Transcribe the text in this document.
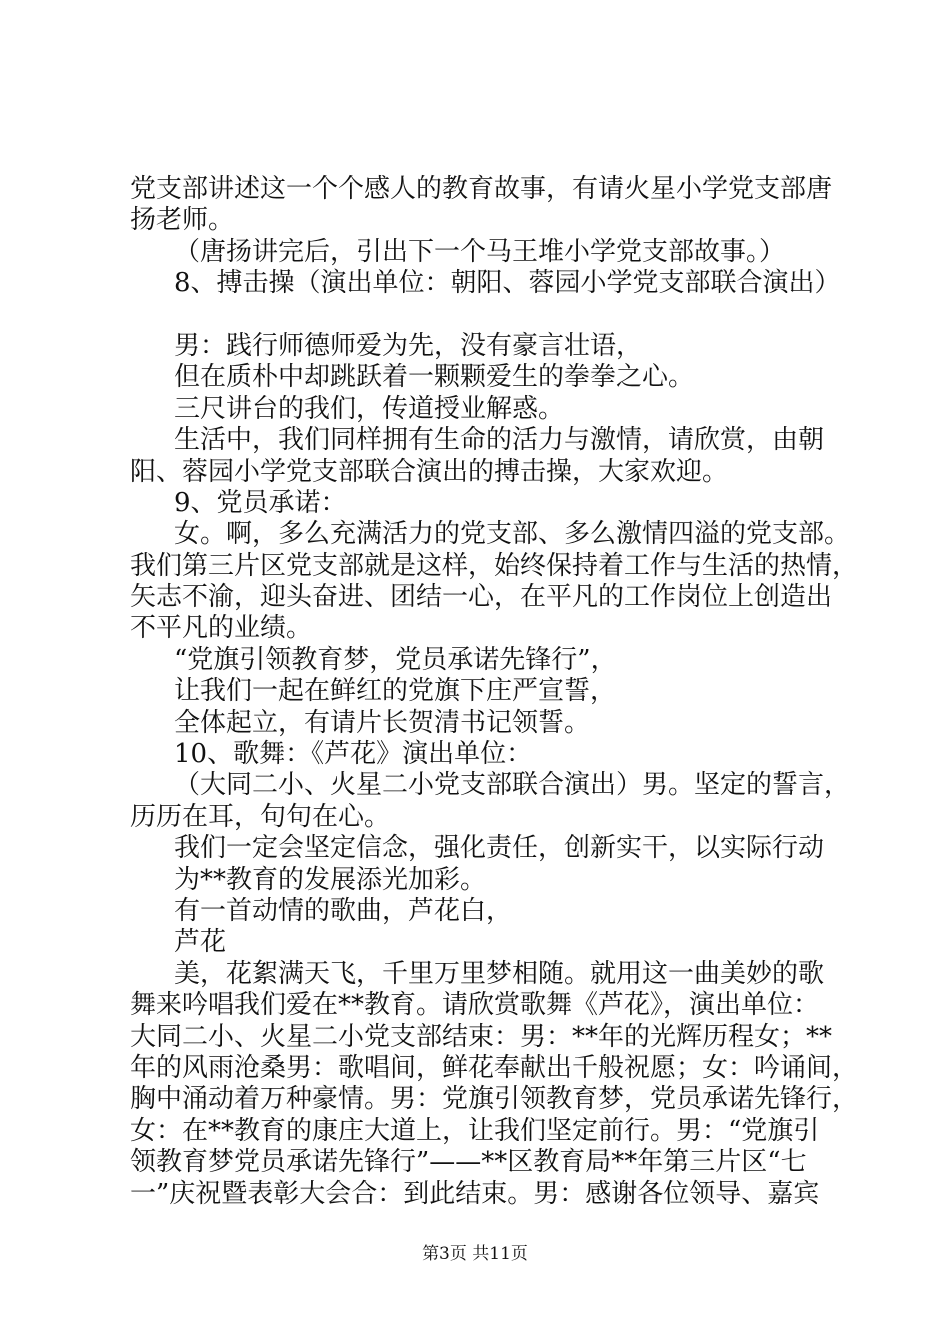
党支部讲述这一个个感人的教育故事，有请火星小学党支部唐
扬老师。
（唐扬讲完后，引出下一个马王堆小学党支部故事。）
8、搏击操（演出单位：朝阳、蓉园小学党支部联合演出）
男：践行师德师爱为先，没有豪言壮语，
但在质朴中却跳跃着一颗颗爱生的拳拳之心。
三尺讲台的我们，传道授业解惑。
生活中，我们同样拥有生命的活力与激情，请欣赏，由朝
阳、蓉园小学党支部联合演出的搏击操，大家欢迎。
9、党员承诺：
女。啊，多么充满活力的党支部、多么激情四溢的党支部。
我们第三片区党支部就是这样，始终保持着工作与生活的热情，
矢志不渝，迎头奋进、团结一心，在平凡的工作岗位上创造出
不平凡的业绩。
“党旗引领教育梦，党员承诺先锋行”，
让我们一起在鲜红的党旗下庄严宣誓，
全体起立，有请片长贺清书记领誓。
10、歌舞：《芦花》演出单位：
（大同二小、火星二小党支部联合演出）男。坚定的誓言，
历历在耳，句句在心。
我们一定会坚定信念，强化责任，创新实干，以实际行动
为**教育的发展添光加彩。
有一首动情的歌曲，芦花白，
芦花
美，花絮满天飞，千里万里梦相随。就用这一曲美妙的歌
舞来吟唱我们爱在**教育。请欣赏歌舞《芦花》，演出单位：
大同二小、火星二小党支部结束：男：**年的光辉历程女；**
年的风雨沧桑男：歌唱间，鲜花奉献出千般祝愿；女：吟诵间，
胸中涌动着万种豪情。男：党旗引领教育梦，党员承诺先锋行，
女：在**教育的康庄大道上，让我们坚定前行。男：“党旗引
领教育梦党员承诺先锋行”——**区教育局**年第三片区“七
一”庆祝暨表彰大会合：到此结束。男：感谢各位领导、嘉宾
第3页 共11页
